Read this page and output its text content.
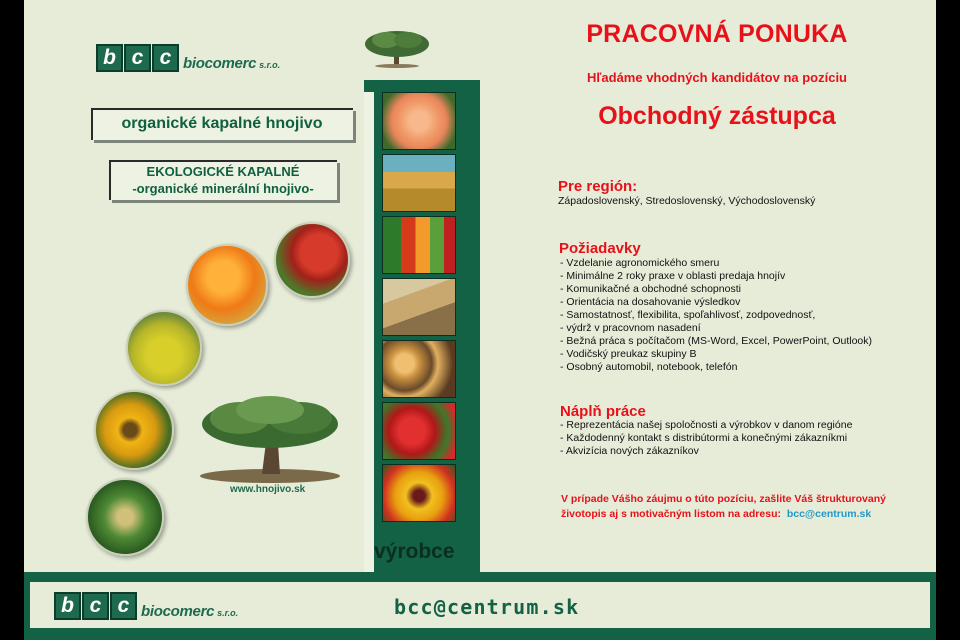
b c c biocomerc s.r.o.
organické kapalné hnojivo
EKOLOGICKÉ KAPALNÉ
-organické minerální hnojivo-
www.hnojivo.sk
výrobce
PRACOVNÁ PONUKA
Hľadáme vhodných kandidátov na pozíciu
Obchodný zástupca
Pre región:
Západoslovenský, Stredoslovenský, Východoslovenský
Požiadavky
- Vzdelanie agronomického smeru
- Minimálne 2 roky praxe v oblasti predaja hnojív
- Komunikačné a obchodné schopnosti
- Orientácia na dosahovanie výsledkov
- Samostatnosť, flexibilita, spoľahlivosť, zodpovednosť,
- výdrž v pracovnom nasadení
- Bežná práca s počítačom (MS-Word, Excel, PowerPoint, Outlook)
- Vodičský preukaz skupiny B
- Osobný automobil, notebook, telefón
Náplň práce
- Reprezentácia našej spoločnosti a výrobkov v danom regióne
- Každodenný kontakt s distribútormi a konečnými zákazníkmi
- Akvizícia nových zákazníkov
V prípade Vášho záujmu o túto pozíciu, zašlite Váš štrukturovaný
životopis aj s motivačným listom na adresu: bcc@centrum.sk
b c c biocomerc s.r.o.	bcc@centrum.sk
